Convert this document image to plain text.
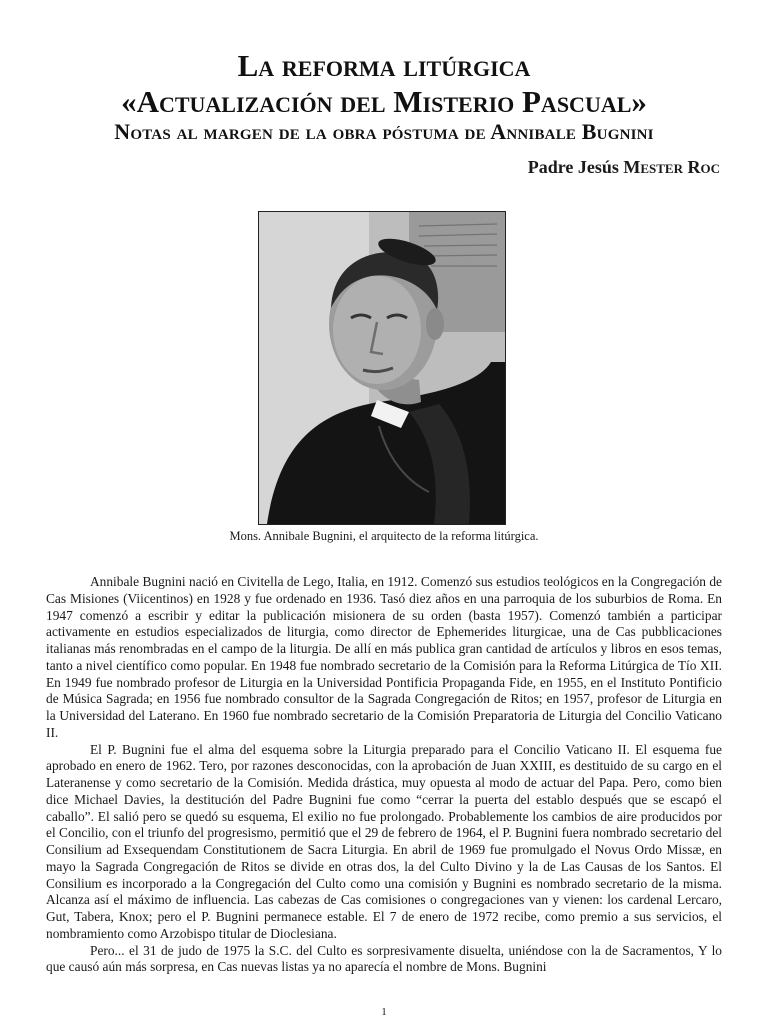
La reforma litúrgica
«Actualización del Misterio Pascual»
Notas al margen de la obra póstuma de Annibale Bugnini
Padre Jesús Mester Roc
Mons. Annibale Bugnini, el arquitecto de la reforma litúrgica.

Annibale Bugnini nació en Civitella de Lego, Italia, en 1912. Comenzó sus estudios teológicos en la Congregación de Cas Misiones (Viicentinos) en 1928 y fue ordenado en 1936. Tasó diez años en una parroquia de los suburbios de Roma. En 1947 comenzó a escribir y editar la publicación misionera de su orden (basta 1957). Comenzó también a participar activamente en estudios especializados de liturgia, como director de Ephemerides liturgicae, una de Cas pubblicaciones italianas más renombradas en el campo de la liturgia. De allí en más publica gran cantidad de artículos y libros en esos temas, tanto a nivel científico como popular. En 1948 fue nombrado secretario de la Comisión para la Reforma Litúrgica de Tío XII. En 1949 fue nombrado profesor de Liturgia en la Universidad Pontificia Propaganda Fide, en 1955, en el Instituto Pontificio de Música Sagrada; en 1956 fue nombrado consultor de la Sagrada Congregación de Ritos; en 1957, profesor de Liturgia en la Universidad del Laterano. En 1960 fue nombrado secretario de la Comisión Preparatoria de Liturgia del Concilio Vaticano II.

El P. Bugnini fue el alma del esquema sobre la Liturgia preparado para el Concilio Vaticano II. El esquema fue aprobado en enero de 1962. Tero, por razones desconocidas, con la aprobación de Juan XXIII, es destituido de su cargo en el Lateranense y como secretario de la Comisión. Medida drástica, muy opuesta al modo de actuar del Papa. Pero, como bien dice Michael Davies, la destitución del Padre Bugnini fue como “cerrar la puerta del establo después que se escapó el caballo”. El salió pero se quedó su esquema, El exilio no fue prolongado. Probablemente los cambios de aire producidos por el Concilio, con el triunfo del progresismo, permitió que el 29 de febrero de 1964, el P. Bugnini fuera nombrado secretario del Consilium ad Exsequendam Constitutionem de Sacra Liturgia. En abril de 1969 fue promulgado el Novus Ordo Missæ, en mayo la Sagrada Congregación de Ritos se divide en otras dos, la del Culto Divino y la de Las Causas de los Santos. El Consilium es incorporado a la Congregación del Culto como una comisión y Bugnini es nombrado secretario de la misma. Alcanza así el máximo de influencia. Las cabezas de Cas comisiones o congregaciones van y vienen: los cardenal Lercaro, Gut, Tabera, Knox; pero el P. Bugnini permanece estable. El 7 de enero de 1972 recibe, como premio a sus servicios, el nombramiento como Arzobispo titular de Dioclesiana.

Pero... el 31 de judo de 1975 la S.C. del Culto es sorpresivamente disuelta, uniéndose con la de Sacramentos, Y lo que causó aún más sorpresa, en Cas nuevas listas ya no aparecía el nombre de Mons. Bugnini

1
